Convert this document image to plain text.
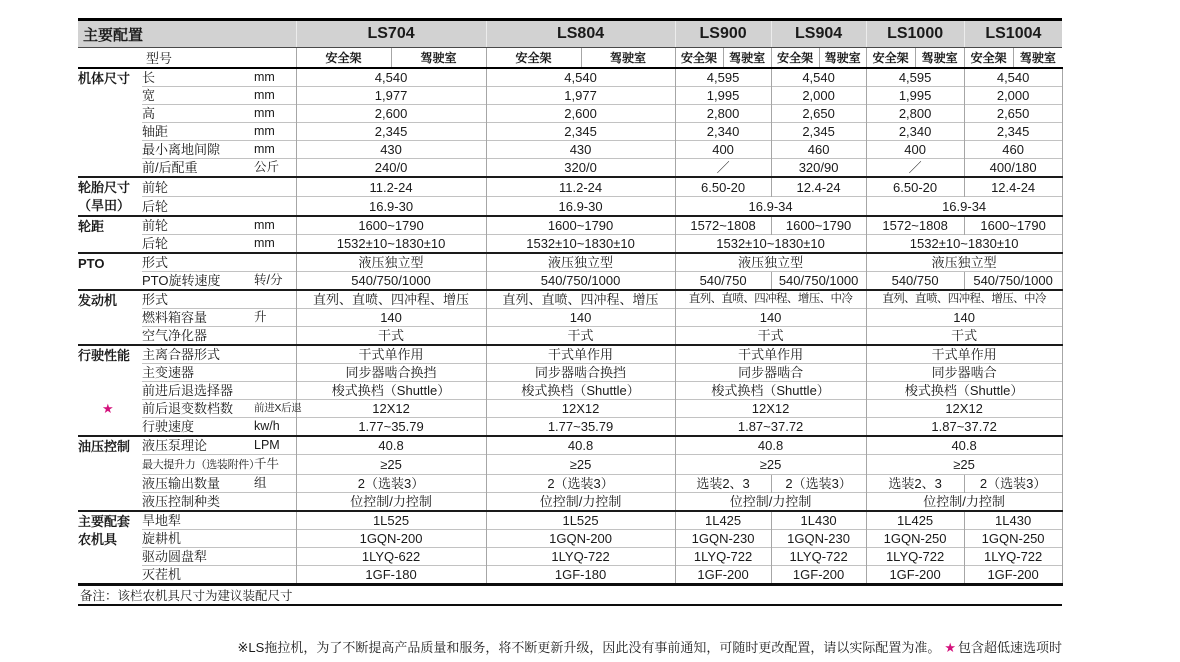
主要配置			LS704		LS804		LS900		LS904		LS1000		LS1004	
型号			安全架	驾驶室	安全架	驾驶室	安全架	驾驶室	安全架	驾驶室	安全架	驾驶室	安全架	驾驶室
机体尺寸	长	mm	4,540		4,540		4,595		4,540		4,595		4,540	
	宽	mm	1,977		1,977		1,995		2,000		1,995		2,000	
	高	mm	2,600		2,600		2,800		2,650		2,800		2,650	
	轴距	mm	2,345		2,345		2,340		2,345		2,340		2,345	
	最小离地间隙	mm	430		430		400		460		400		460	
	前/后配重	公斤	240/0		320/0		／		320/90		／		400/180	
轮胎尺寸（旱田）	前轮		11.2-24		11.2-24		6.50-20		12.4-24		6.50-20		12.4-24	
	后轮		16.9-30		16.9-30		16.9-34				16.9-34			
轮距	前轮	mm	1600~1790		1600~1790		1572~1808		1600~1790		1572~1808		1600~1790	
	后轮	mm	1532±10~1830±10		1532±10~1830±10		1532±10~1830±10				1532±10~1830±10			
PTO	形式		液压独立型		液压独立型		液压独立型				液压独立型			
	PTO旋转速度	转/分	540/750/1000		540/750/1000		540/750		540/750/1000		540/750		540/750/1000	
发动机	形式		直列、直喷、四冲程、增压		直列、直喷、四冲程、增压		直列、直喷、四冲程、增压、中冷				直列、直喷、四冲程、增压、中冷			
	燃料箱容量	升	140		140		140				140			
	空气净化器		干式		干式		干式				干式			
行驶性能	主离合器形式		干式单作用		干式单作用		干式单作用				干式单作用			
	主变速器		同步器啮合换挡		同步器啮合换挡		同步器啮合				同步器啮合			
	前进后退选择器		梭式换档（Shuttle）		梭式换档（Shuttle）		梭式换档（Shuttle）				梭式换档（Shuttle）			

	★ 前后退变数档数	前进X后退	12X12		12X12		12X12				12X12			
	行驶速度	kw/h	1.77~35.79		1.77~35.79		1.87~37.72				1.87~37.72			
油压控制	液压泵理论	LPM	40.8		40.8		40.8				40.8			
	最大提升力（选装附件）	千牛	≥25		≥25		≥25				≥25			
	液压输出数量	组	2（选装3）		2（选装3）		选装2、3		2（选装3）		选装2、3		2（选装3）	
	液压控制种类		位控制/力控制		位控制/力控制		位控制/力控制				位控制/力控制			
主要配套农机具	旱地犁		1L525		1L525		1L425		1L430		1L425		1L430	
	旋耕机		1GQN-200		1GQN-200		1GQN-230		1GQN-230		1GQN-250		1GQN-250	
	驱动圆盘犁		1LYQ-622		1LYQ-722		1LYQ-722		1LYQ-722		1LYQ-722		1LYQ-722	
	灭茬机		1GF-180		1GF-180		1GF-200		1GF-200		1GF-200		1GF-200	
备注：该栏农机具尺寸为建议装配尺寸														
※LS拖拉机，为了不断提高产品质量和服务，将不断更新升级，因此没有事前通知，可随时更改配置，请以实际配置为准。 ★ 包含超低速选项时
